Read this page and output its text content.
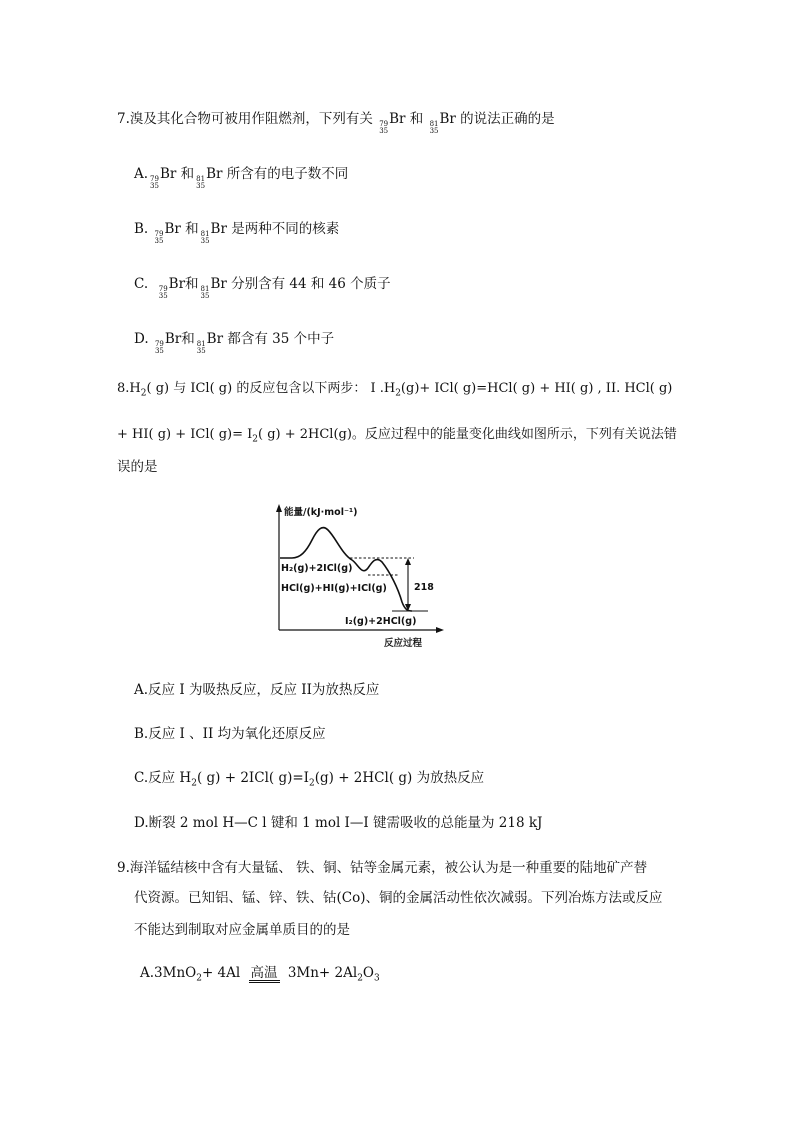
7.溴及其化合物可被用作阻燃剂，下列有关 79
35
Br 和 81
35
Br 的说法正确的是
A. 79
35
Br 和 81
35
Br 所含有的电子数不同
B. 79
35
Br 和 81
35
Br 是两种不同的核素
C. 79
35
Br和 81
35
Br 分别含有 44 和 46 个质子
D. 79
35
Br和 81
35
Br 都含有 35 个中子
$8.H_2$( g) 与 ICl( g) 的反应包含以下两步： I $.H_2(g)+ ICl$( g)=HCl( g) + HI( g) , II. HCl( g)
+ HI( g) + ICl( $g)= I_2$( g) + 2HCl(g)。反应过程中的能量变化曲线如图所示，下列有关说法错
误的是
能量/(kJ·mol⁻¹)
218
H₂(g)+2ICl(g)
HCl(g)+HI(g)+ICl(g)
I₂(g)+2HCl(g)
反应过程
A.反应 I 为吸热反应，反应 II为放热反应
B.反应 I 、II 均为氧化还原反应
C.反应 $H_2$( g) + 2ICl( $g)=I_2(g) + 2HCl$( g) 为放热反应
D.断裂 2 mol H—C l 键和 1 mol I—I 键需吸收的总能量为 218 kJ
9.海洋锰结核中含有大量锰、 铁、铜、钴等金属元素，被公认为是一种重要的陆地矿产替
代资源。已知铝、锰、锌、铁、钴(Co)、铜的金属活动性依次减弱。下列冶炼方法或反应
不能达到制取对应金属单质目的的是
A.3MnO$_2$+ 4Al 高温 $3Mn+ 2Al_2O_3$
